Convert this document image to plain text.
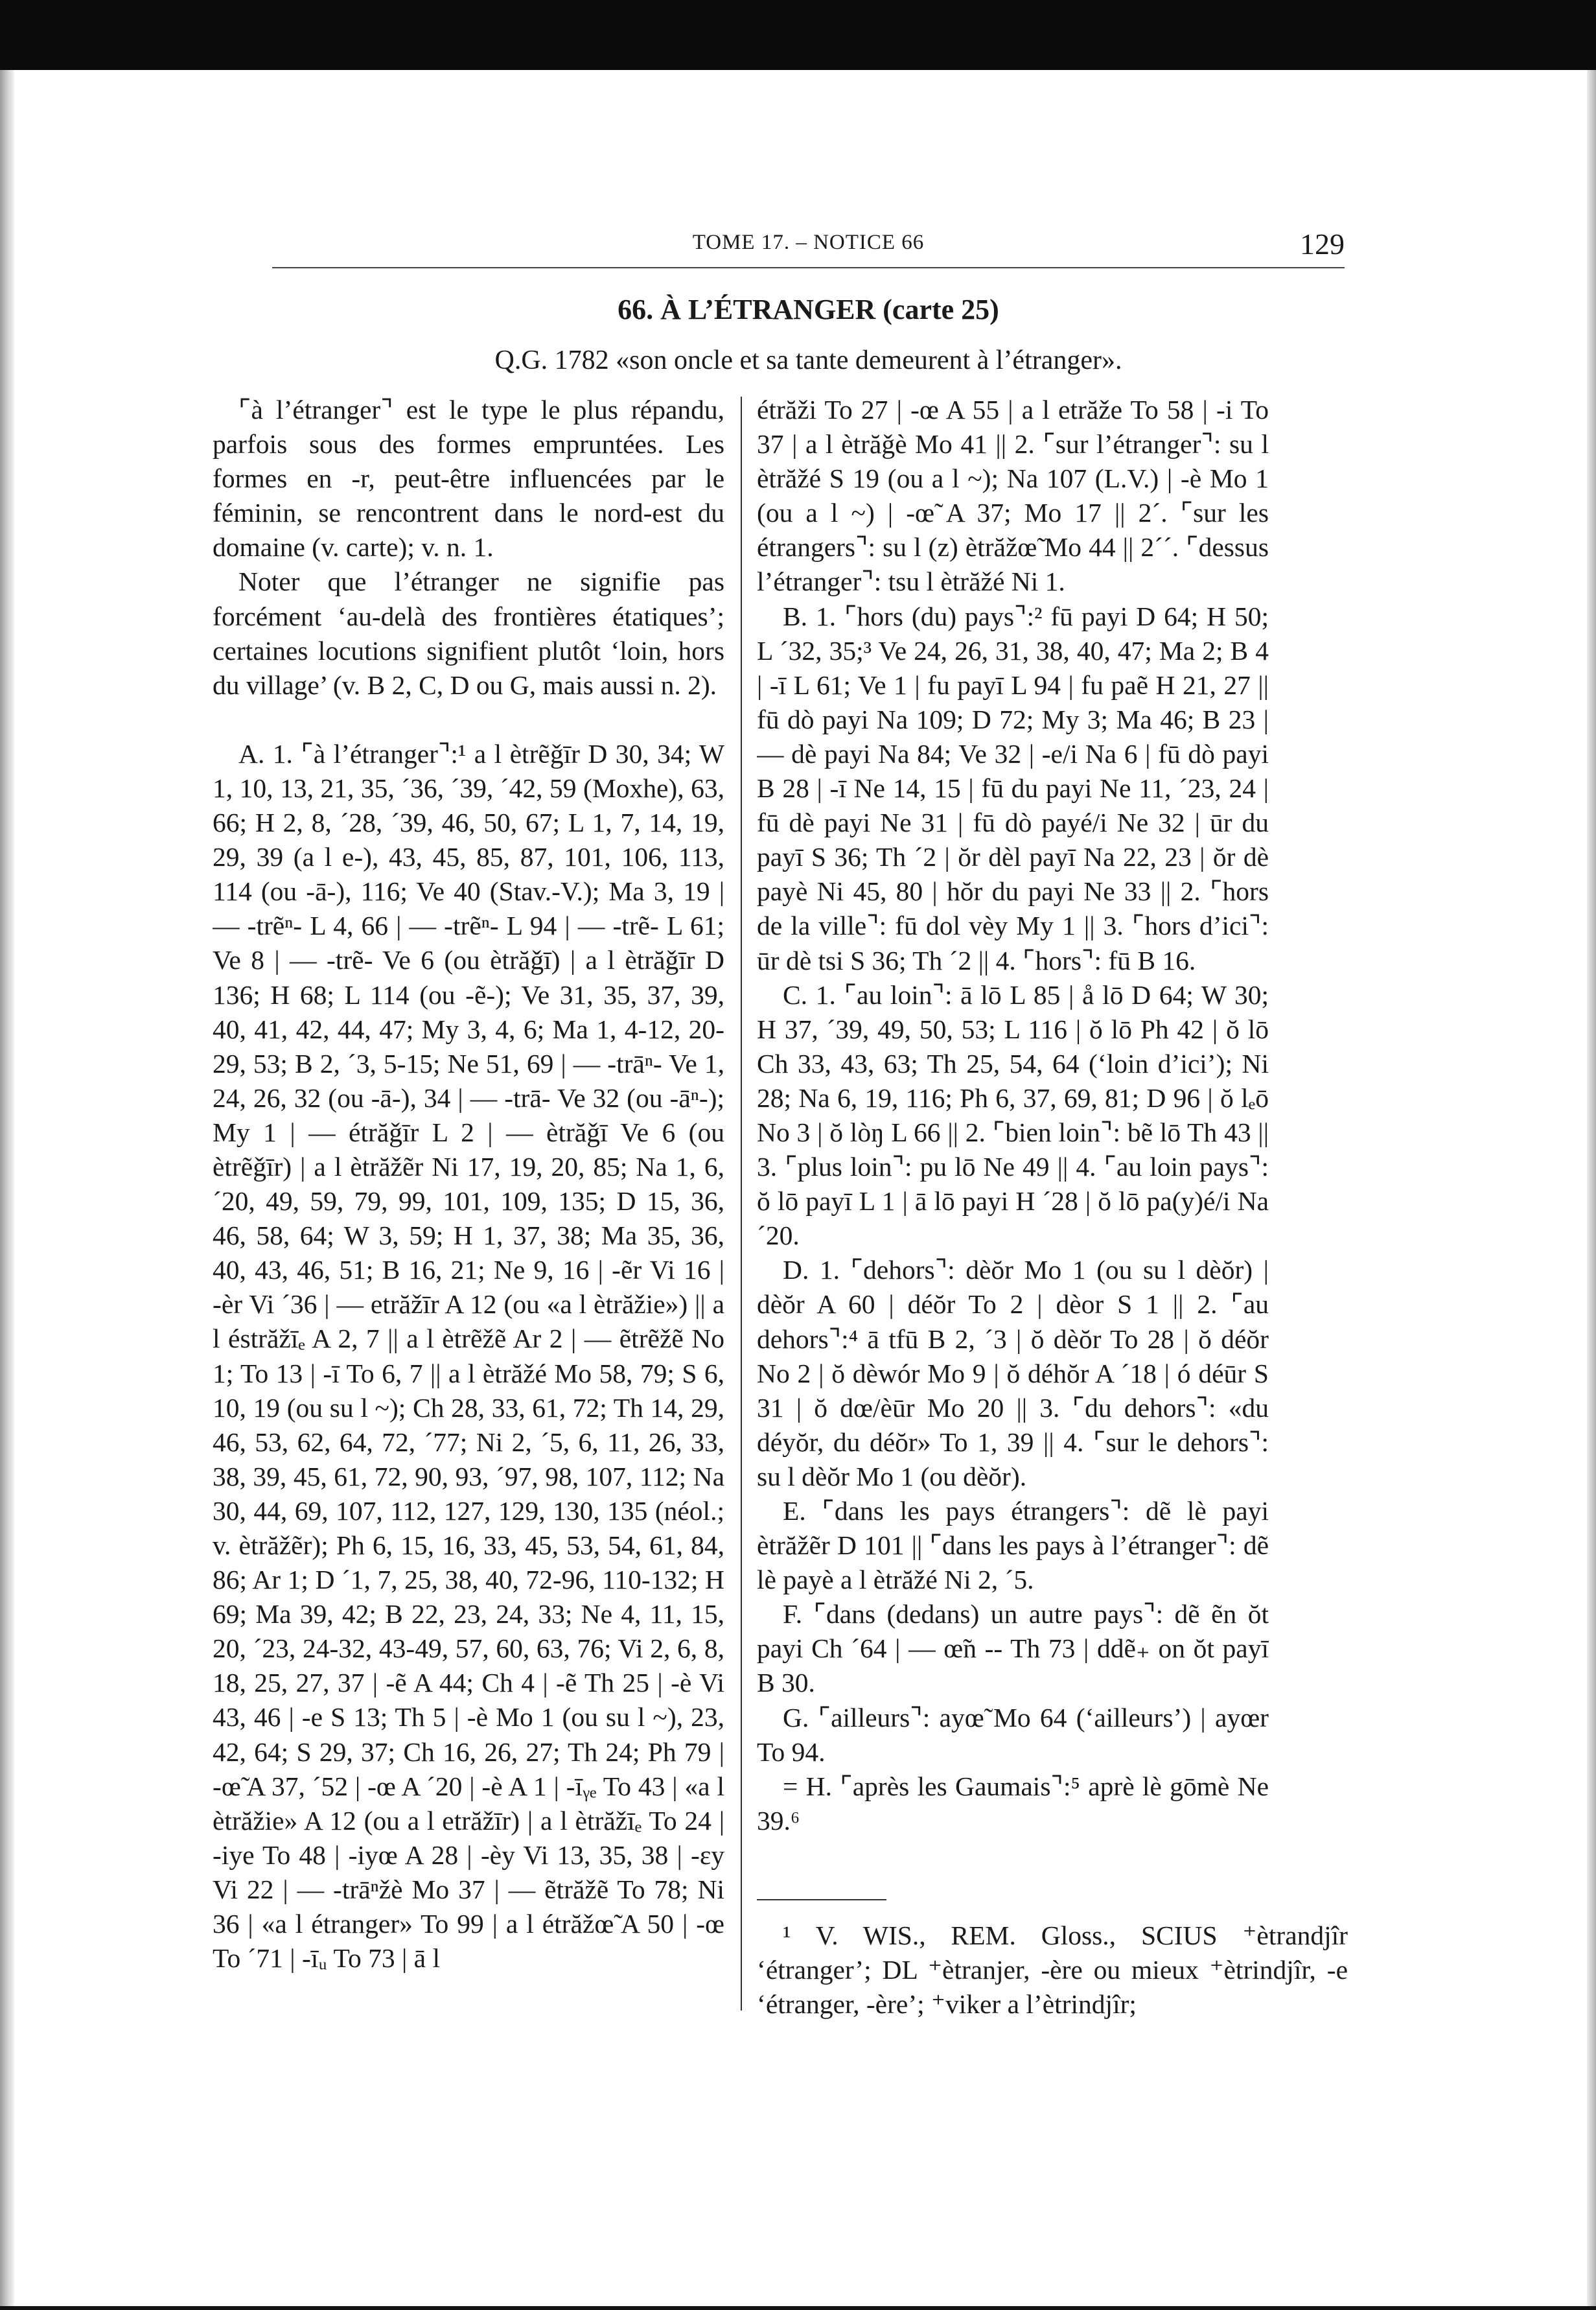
TOME 17. – NOTICE 66	129
66. À L’ÉTRANGER (carte 25)
Q.G. 1782 «son oncle et sa tante demeurent à l’étranger».

⌜à l’étranger⌝ est le type le plus répandu, parfois sous des formes empruntées. Les formes en -r, peut-être influencées par le féminin, se rencontrent dans le nord-est du domaine (v. carte); v. n. 1.

Noter que l’étranger ne signifie pas forcément ‘au-delà des frontières étatiques’; certaines locutions signifient plutôt ‘loin, hors du village’ (v. B 2, C, D ou G, mais aussi n. 2).

A. 1. ⌜à l’étranger⌝:¹ a l ètrẽǧīr D 30, 34; W 1, 10, 13, 21, 35, ´36, ´39, ´42, 59 (Moxhe), 63, 66; H 2, 8, ´28, ´39, 46, 50, 67; L 1, 7, 14, 19, 29, 39 (a l e-), 43, 45, 85, 87, 101, 106, 113, 114 (ou -ā-), 116; Ve 40 (Stav.-V.); Ma 3, 19 | — -trẽⁿ- L 4, 66 | — -trẽⁿ- L 94 | — -trẽ- L 61; Ve 8 | — -trẽ- Ve 6 (ou ètrăǧī) | a l ètrăǧīr D 136; H 68; L 114 (ou -ẽ-); Ve 31, 35, 37, 39, 40, 41, 42, 44, 47; My 3, 4, 6; Ma 1, 4-12, 20-29, 53; B 2, ´3, 5-15; Ne 51, 69 | — -trāⁿ- Ve 1, 24, 26, 32 (ou -ā-), 34 | — -trā- Ve 32 (ou -āⁿ-); My 1 | — étrăǧīr L 2 | — ètrăǧī Ve 6 (ou ètrẽǧīr) | a l ètrăžẽr Ni 17, 19, 20, 85; Na 1, 6, ´20, 49, 59, 79, 99, 101, 109, 135; D 15, 36, 46, 58, 64; W 3, 59; H 1, 37, 38; Ma 35, 36, 40, 43, 46, 51; B 16, 21; Ne 9, 16 | -ẽr Vi 16 | -èr Vi ´36 | — etrăžīr A 12 (ou «a l ètrăžie») || a l éstrăžīₑ A 2, 7 || a l ètrẽžẽ Ar 2 | — ẽtrẽžẽ No 1; To 13 | -ī To 6, 7 || a l ètrăžé Mo 58, 79; S 6, 10, 19 (ou su l ~); Ch 28, 33, 61, 72; Th 14, 29, 46, 53, 62, 64, 72, ´77; Ni 2, ´5, 6, 11, 26, 33, 38, 39, 45, 61, 72, 90, 93, ´97, 98, 107, 112; Na 30, 44, 69, 107, 112, 127, 129, 130, 135 (néol.; v. ètrăžẽr); Ph 6, 15, 16, 33, 45, 53, 54, 61, 84, 86; Ar 1; D ´1, 7, 25, 38, 40, 72-96, 110-132; H 69; Ma 39, 42; B 22, 23, 24, 33; Ne 4, 11, 15, 20, ´23, 24-32, 43-49, 57, 60, 63, 76; Vi 2, 6, 8, 18, 25, 27, 37 | -ẽ A 44; Ch 4 | -ẽ Th 25 | -è Vi 43, 46 | -e S 13; Th 5 | -è Mo 1 (ou su l ~), 23, 42, 64; S 29, 37; Ch 16, 26, 27; Th 24; Ph 79 | -œ̃ A 37, ´52 | -œ A ´20 | -è A 1 | -īᵧₑ To 43 | «a l ètrăžie» A 12 (ou a l etrăžīr) | a l ètrăžīₑ To 24 | -iye To 48 | -iyœ A 28 | -èy Vi 13, 35, 38 | -ɛy Vi 22 | — -trāⁿžè Mo 37 | — ẽtrăžẽ To 78; Ni 36 | «a l étranger» To 99 | a l étrăžœ̃ A 50 | -œ To ´71 | -īᵤ To 73 | ā l

étrăži To 27 | -œ A 55 | a l etrăže To 58 | -i To 37 | a l ètrăǧè Mo 41 || 2. ⌜sur l’étranger⌝: su l ètrăžé S 19 (ou a l ~); Na 107 (L.V.) | -è Mo 1 (ou a l ~) | -œ̃ A 37; Mo 17 || 2´. ⌜sur les étrangers⌝: su l (z) ètrăžœ̃ Mo 44 || 2´´. ⌜dessus l’étranger⌝: tsu l ètrăžé Ni 1.

B. 1. ⌜hors (du) pays⌝:² fū payi D 64; H 50; L ´32, 35;³ Ve 24, 26, 31, 38, 40, 47; Ma 2; B 4 | -ī L 61; Ve 1 | fu payī L 94 | fu paẽ H 21, 27 || fū dò payi Na 109; D 72; My 3; Ma 46; B 23 | — dè payi Na 84; Ve 32 | -e/i Na 6 | fū dò payi B 28 | -ī Ne 14, 15 | fū du payi Ne 11, ´23, 24 | fū dè payi Ne 31 | fū dò payé/i Ne 32 | ūr du payī S 36; Th ´2 | ŏr dèl payī Na 22, 23 | ŏr dè payè Ni 45, 80 | hŏr du payi Ne 33 || 2. ⌜hors de la ville⌝: fū dol vèy My 1 || 3. ⌜hors d’ici⌝: ūr dè tsi S 36; Th ´2 || 4. ⌜hors⌝: fū B 16.

C. 1. ⌜au loin⌝: ā lō L 85 | å lō D 64; W 30; H 37, ´39, 49, 50, 53; L 116 | ŏ lō Ph 42 | ŏ lō Ch 33, 43, 63; Th 25, 54, 64 (‘loin d’ici’); Ni 28; Na 6, 19, 116; Ph 6, 37, 69, 81; D 96 | ŏ lₑō No 3 | ŏ lòŋ L 66 || 2. ⌜bien loin⌝: bẽ lō Th 43 || 3. ⌜plus loin⌝: pu lō Ne 49 || 4. ⌜au loin pays⌝: ŏ lō payī L 1 | ā lō payi H ´28 | ŏ lō pa(y)é/i Na ´20.

D. 1. ⌜dehors⌝: dèŏr Mo 1 (ou su l dèŏr) | dèŏr A 60 | déŏr To 2 | dèor S 1 || 2. ⌜au dehors⌝:⁴ ā tfū B 2, ´3 | ŏ dèŏr To 28 | ŏ déŏr No 2 | ŏ dèwór Mo 9 | ŏ déhŏr A ´18 | ó déūr S 31 | ŏ dœ/èūr Mo 20 || 3. ⌜du dehors⌝: «du déyŏr, du déŏr» To 1, 39 || 4. ⌜sur le dehors⌝: su l dèŏr Mo 1 (ou dèŏr).

E. ⌜dans les pays étrangers⌝: dẽ lè payi ètrăžẽr D 101 || ⌜dans les pays à l’étranger⌝: dẽ lè payè a l ètrăžé Ni 2, ´5.

F. ⌜dans (dedans) un autre pays⌝: dẽ ẽn ŏt payi Ch ´64 | — œ̃n -- Th 73 | ddẽ₊ on ŏt payī B 30.

G. ⌜ailleurs⌝: ayœ̃ Mo 64 (‘ailleurs’) | ayœr To 94.

= H. ⌜après les Gaumais⌝:⁵ aprè lè gōmè Ne 39.⁶

¹ V. WIS., REM. Gloss., SCIUS ⁺ètrandjîr ‘étranger’; DL ⁺ètranjer, -ère ou mieux ⁺ètrindjîr, -e ‘étranger, -ère’; ⁺viker a l’ètrindjîr;
